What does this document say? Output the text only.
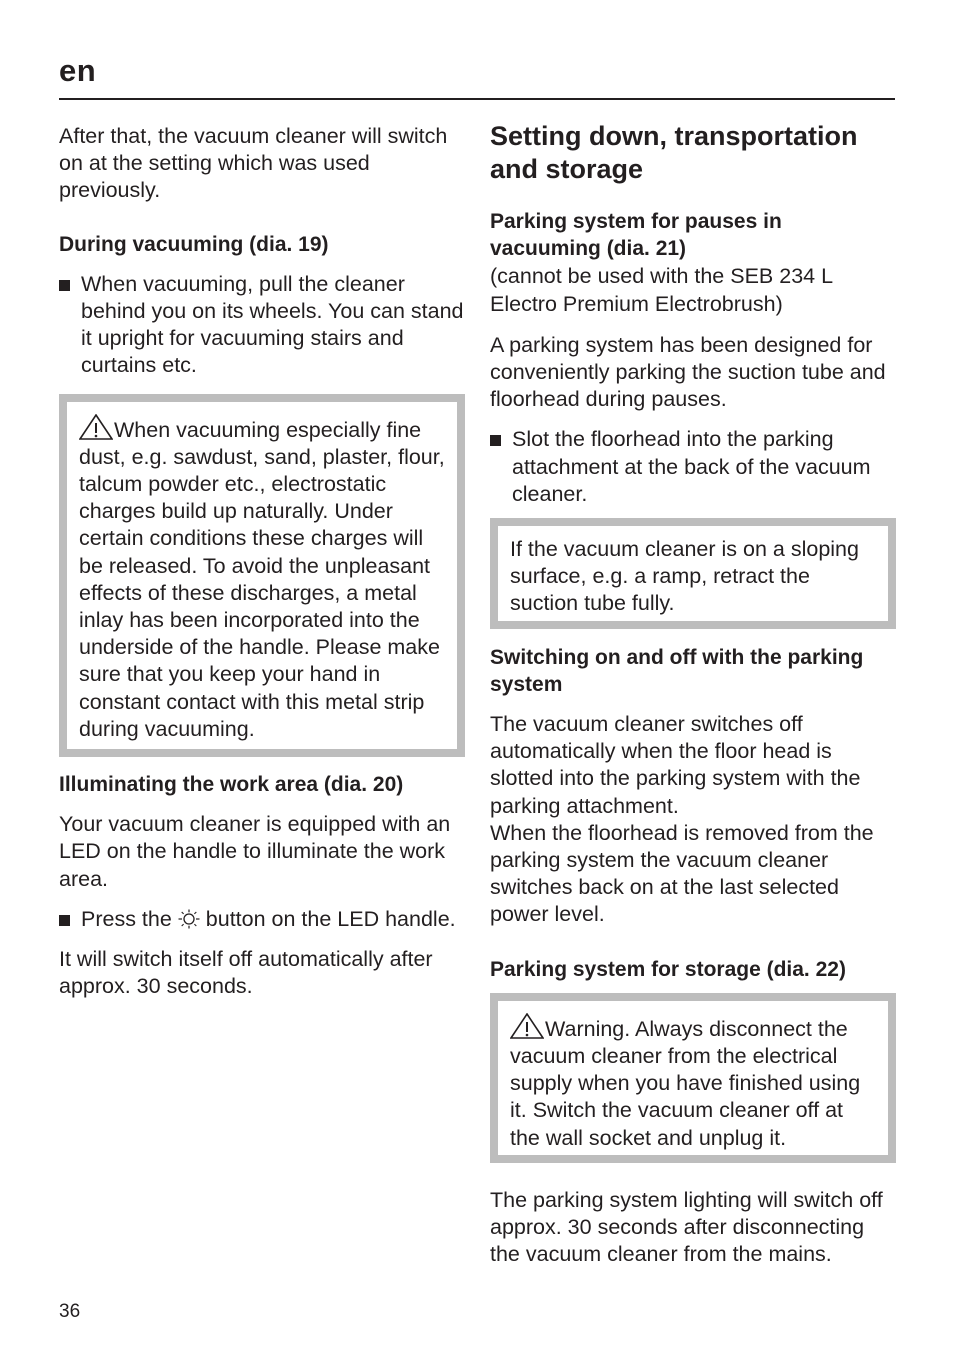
en

After that, the vacuum cleaner will switch on at the setting which was used previously.

During vacuuming (dia. 19)

When vacuuming, pull the cleaner behind you on its wheels. You can stand it upright for vacuuming stairs and curtains etc.

When vacuuming especially fine dust, e.g. sawdust, sand, plaster, flour, talcum powder etc., electrostatic charges build up naturally. Under certain conditions these charges will be released. To avoid the unpleasant effects of these discharges, a metal inlay has been incorporated into the underside of the handle. Please make sure that you keep your hand in constant contact with this metal strip during vacuuming.

Illuminating the work area (dia. 20)

Your vacuum cleaner is equipped with an LED on the handle to illuminate the work area.

Press the button on the LED handle.

It will switch itself off automatically after approx. 30 seconds.

Setting down, transportation and storage
Parking system for pauses in vacuuming (dia. 21)

(cannot be used with the SEB 234 L Electro Premium Electrobrush)

A parking system has been designed for conveniently parking the suction tube and floorhead during pauses.

Slot the floorhead into the parking attachment at the back of the vacuum cleaner.

If the vacuum cleaner is on a sloping surface, e.g. a ramp, retract the suction tube fully.

Switching on and off with the parking system

The vacuum cleaner switches off automatically when the floor head is slotted into the parking system with the parking attachment.

When the floorhead is removed from the parking system the vacuum cleaner switches back on at the last selected power level.

Parking system for storage (dia. 22)

Warning. Always disconnect the vacuum cleaner from the electrical supply when you have finished using it. Switch the vacuum cleaner off at the wall socket and unplug it.

The parking system lighting will switch off approx. 30 seconds after disconnecting the vacuum cleaner from the mains.

36
